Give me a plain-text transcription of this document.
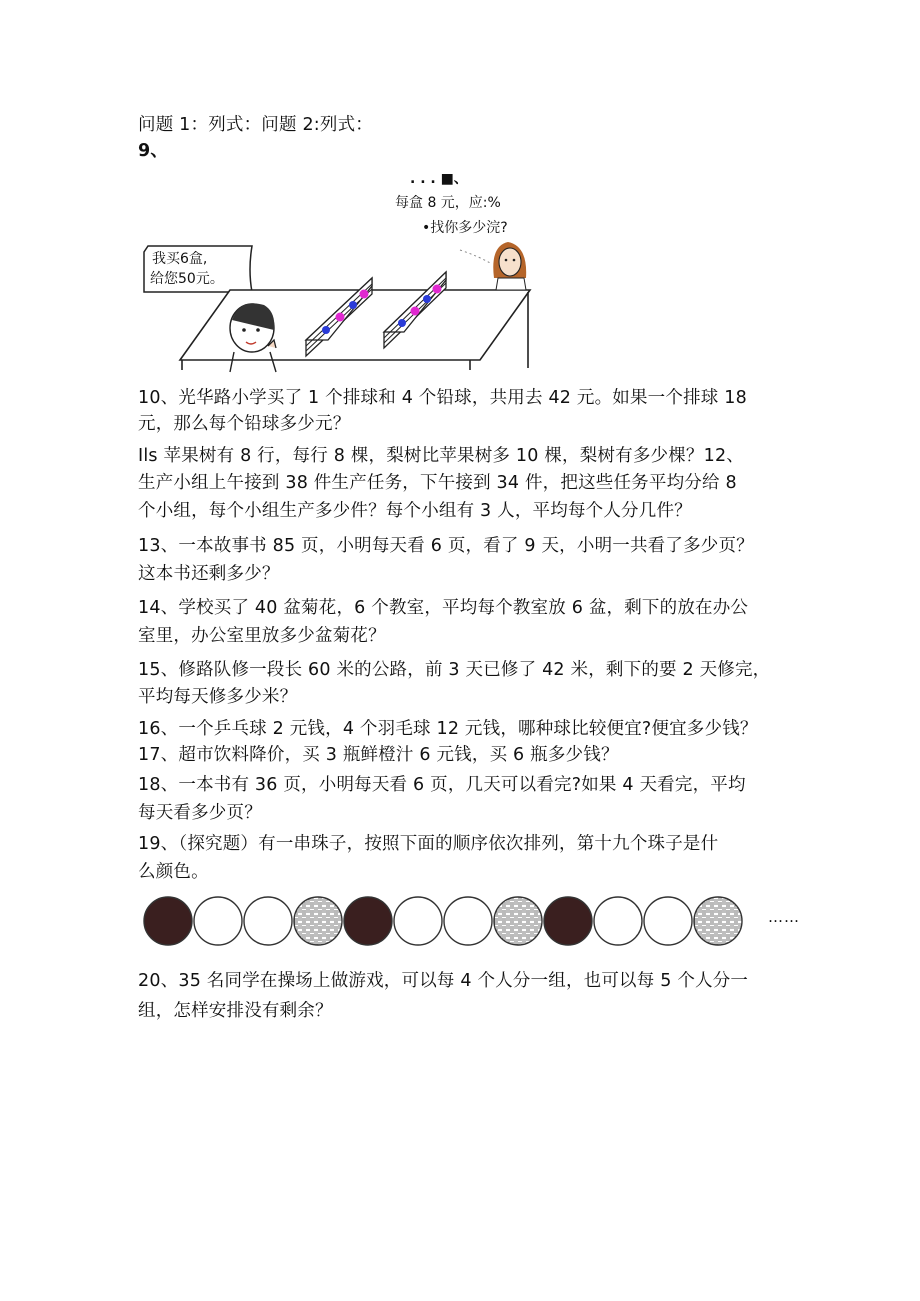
问题 1：列式：问题 2:列式：
9、
. . . ■、
每盒 8 元，应:%
•找你多少浣?
我买6盒,
给您50元。
10、光华路小学买了 1 个排球和 4 个铅球，共用去 42 元。如果一个排球 18
元，那么每个铅球多少元？
Ils 苹果树有 8 行，每行 8 棵，梨树比苹果树多 10 棵，梨树有多少棵？12、
生产小组上午接到 38 件生产任务，下午接到 34 件，把这些任务平均分给 8
个小组，每个小组生产多少件？每个小组有 3 人，平均每个人分几件？
13、一本故事书 85 页，小明每天看 6 页，看了 9 天，小明一共看了多少页？
这本书还剩多少？
14、学校买了 40 盆菊花，6 个教室，平均每个教室放 6 盆，剩下的放在办公
室里，办公室里放多少盆菊花？
15、修路队修一段长 60 米的公路，前 3 天已修了 42 米，剩下的要 2 天修完，
平均每天修多少米？
16、一个乒乓球 2 元钱，4 个羽毛球 12 元钱，哪种球比较便宜?便宜多少钱？
17、超市饮料降价，买 3 瓶鲜橙汁 6 元钱，买 6 瓶多少钱？
18、一本书有 36 页，小明每天看 6 页，几天可以看完?如果 4 天看完，平均
每天看多少页？
19、（探究题）有一串珠子，按照下面的顺序依次排列，第十九个珠子是什
么颜色。
……
20、35 名同学在操场上做游戏，可以每 4 个人分一组，也可以每 5 个人分一
组，怎样安排没有剩余？
